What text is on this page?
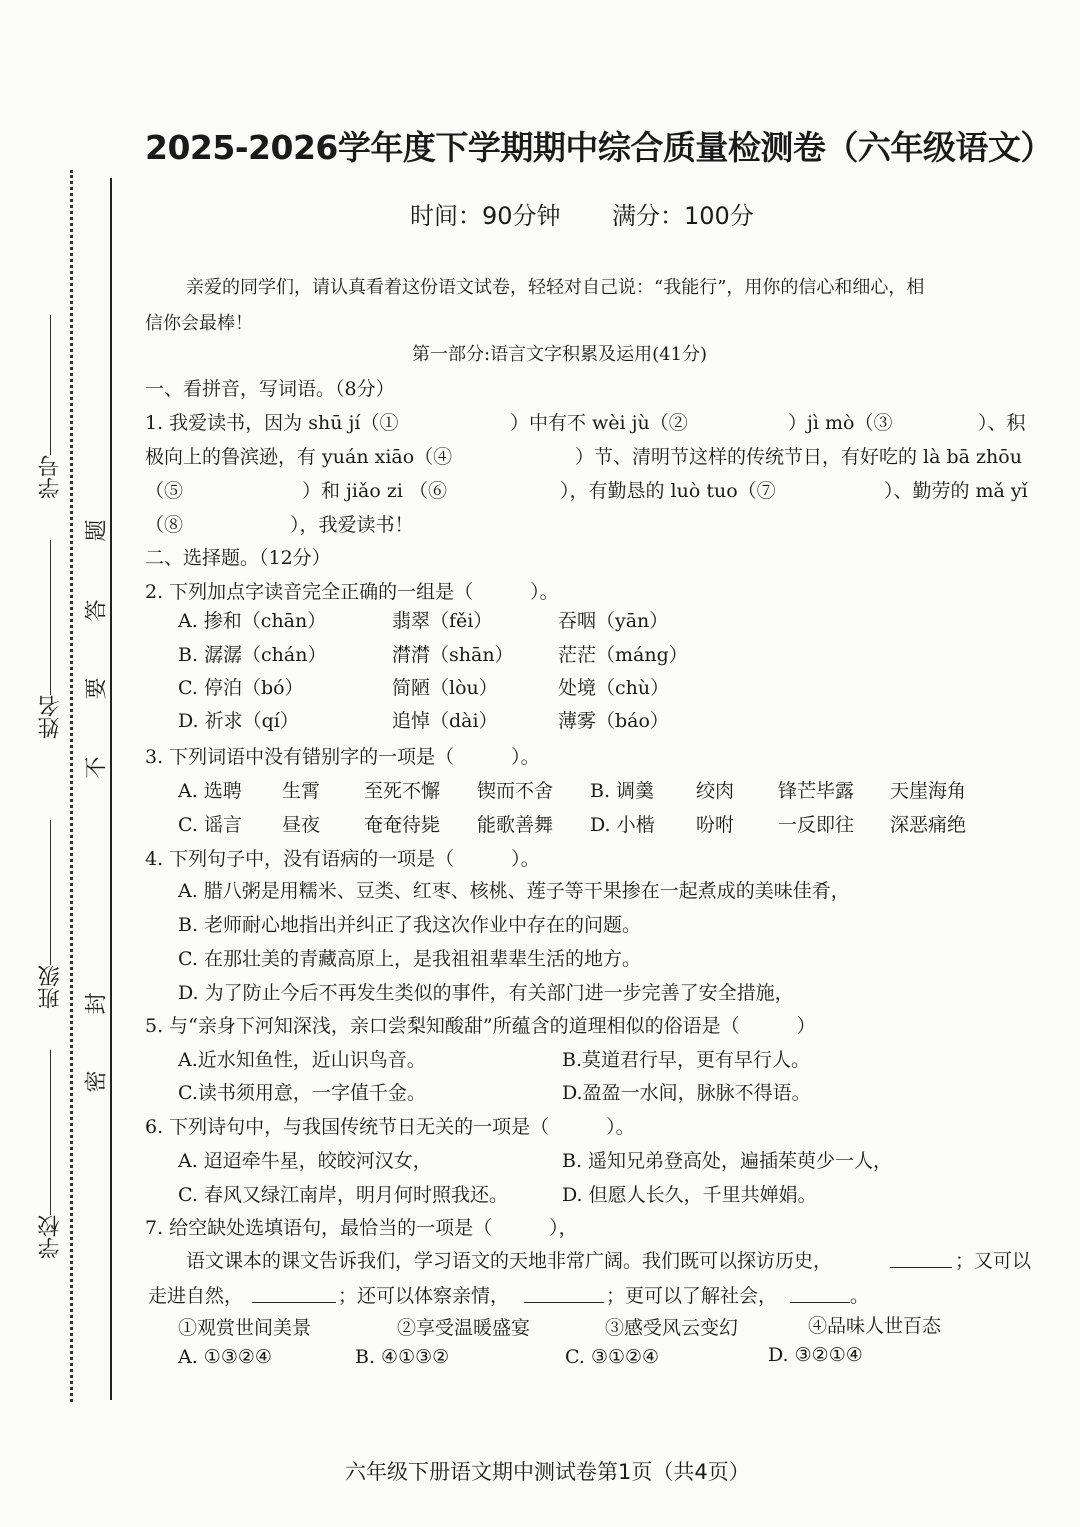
学号
姓名
班级
学校
题
答
要
不
封
密
2025-2026学年度下学期期中综合质量检测卷（六年级语文）
时间：90分钟 满分：100分
亲爱的同学们，请认真看着这份语文试卷，轻轻对自己说：“我能行”，用你的信心和细心，相
信你会最棒！
第一部分:语言文字积累及运用(41分)
一、看拼音，写词语。（8分）
1. 我爱读书，因为 shū jí（①	）中有不 wèi jù（②	）jì mò（③	）、积
极向上的鲁滨逊，有 yuán xiāo（④	）节、清明节这样的传统节日，有好吃的 là bā zhōu
（⑤	）和 jiǎo zi （⑥	），有勤恳的 luò tuo（⑦	）、勤劳的 mǎ yǐ
（⑧	），我爱读书！
二、选择题。（12分）
2. 下列加点字读音完全正确的一组是（　　　）。
A. 掺和（chān）	翡翠（fěi）	吞咽（yān）
B. 潺潺（chán）	潸潸（shān） 茫茫（máng）
C. 停泊（bó）	简陋（lòu）	处境（chù）
D. 祈求（qí）	追悼（dài）	薄雾（báo）
3. 下列词语中没有错别字的一项是（　　　）。
A. 选聘 生霄 至死不懈 锲而不舍 B. 调羹 绞肉 锋芒毕露 天崖海角
C. 谣言 昼夜 奄奄待毙 能歌善舞 D. 小楷 吩咐 一反即往 深恶痛绝
4. 下列句子中，没有语病的一项是（　　　）。
A. 腊八粥是用糯米、豆类、红枣、核桃、莲子等干果掺在一起煮成的美味佳肴，
B. 老师耐心地指出并纠正了我这次作业中存在的问题。
C. 在那壮美的青藏高原上，是我祖祖辈辈生活的地方。
D. 为了防止今后不再发生类似的事件，有关部门进一步完善了安全措施，
5. 与“亲身下河知深浅，亲口尝梨知酸甜”所蕴含的道理相似的俗语是（　　　）
A.近水知鱼性，近山识鸟音。	B.莫道君行早，更有早行人。
C.读书须用意，一字值千金。	D.盈盈一水间，脉脉不得语。
6. 下列诗句中，与我国传统节日无关的一项是（　　　）。
A. 迢迢牵牛星，皎皎河汉女，	B. 遥知兄弟登高处，遍插茱萸少一人，
C. 春风又绿江南岸，明月何时照我还。	D. 但愿人长久，千里共婵娟。
7. 给空缺处选填语句，最恰当的一项是（　　　），
语文课本的课文告诉我们，学习语文的天地非常广阔。我们既可以探访历史，	；又可以
走进自然，	；还可以体察亲情，	；更可以了解社会，	。
①观赏世间美景	②享受温暖盛宴	③感受风云变幻	④品味人世百态
A. ①③②④	B. ④①③②	C. ③①②④	D. ③②①④
六年级下册语文期中测试卷第1页（共4页）
